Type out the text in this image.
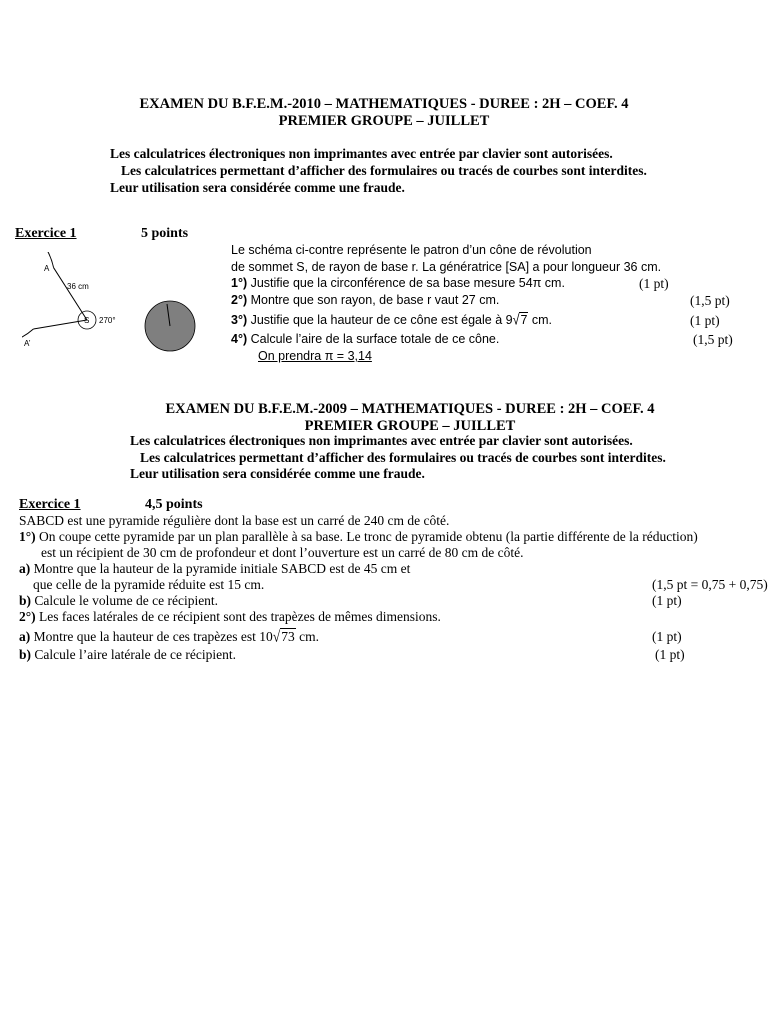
EXAMEN DU B.F.E.M.-2010 – MATHEMATIQUES - DUREE : 2H – COEF. 4
PREMIER GROUPE – JUILLET
Les calculatrices électroniques non imprimantes avec entrée par clavier sont autorisées.
Les calculatrices permettant d’afficher des formulaires ou tracés de courbes sont interdites.
Leur utilisation sera considérée comme une fraude.
Exercice 1	5 points
A
A’
36 cm
S 270°
Le schéma ci-contre représente le patron d’un cône de révolution
de sommet S, de rayon de base r. La génératrice [SA] a pour longueur 36 cm.
1°) Justifie que la circonférence de sa base mesure 54π cm.	(1 pt)
2°) Montre que son rayon, de base r vaut 27 cm.	(1,5 pt)
3°) Justifie que la hauteur de ce cône est égale à 9√7 cm.	(1 pt)
4°) Calcule l’aire de la surface totale de ce cône.	(1,5 pt)
On prendra π = 3,14
EXAMEN DU B.F.E.M.-2009 – MATHEMATIQUES - DUREE : 2H – COEF. 4
PREMIER GROUPE – JUILLET
Les calculatrices électroniques non imprimantes avec entrée par clavier sont autorisées.
Les calculatrices permettant d’afficher des formulaires ou tracés de courbes sont interdites.
Leur utilisation sera considérée comme une fraude.
Exercice 1	4,5 points
SABCD est une pyramide régulière dont la base est un carré de 240 cm de côté.
1°) On coupe cette pyramide par un plan parallèle à sa base. Le tronc de pyramide obtenu (la partie différente de la réduction)
est un récipient de 30 cm de profondeur et dont l’ouverture est un carré de 80 cm de côté.
a) Montre que la hauteur de la pyramide initiale SABCD est de 45 cm et
que celle de la pyramide réduite est 15 cm.	(1,5 pt = 0,75 + 0,75)
b) Calcule le volume de ce récipient.	(1 pt)
2°) Les faces latérales de ce récipient sont des trapèzes de mêmes dimensions.
a) Montre que la hauteur de ces trapèzes est 10√73 cm.	(1 pt)
b) Calcule l’aire latérale de ce récipient.	(1 pt)
